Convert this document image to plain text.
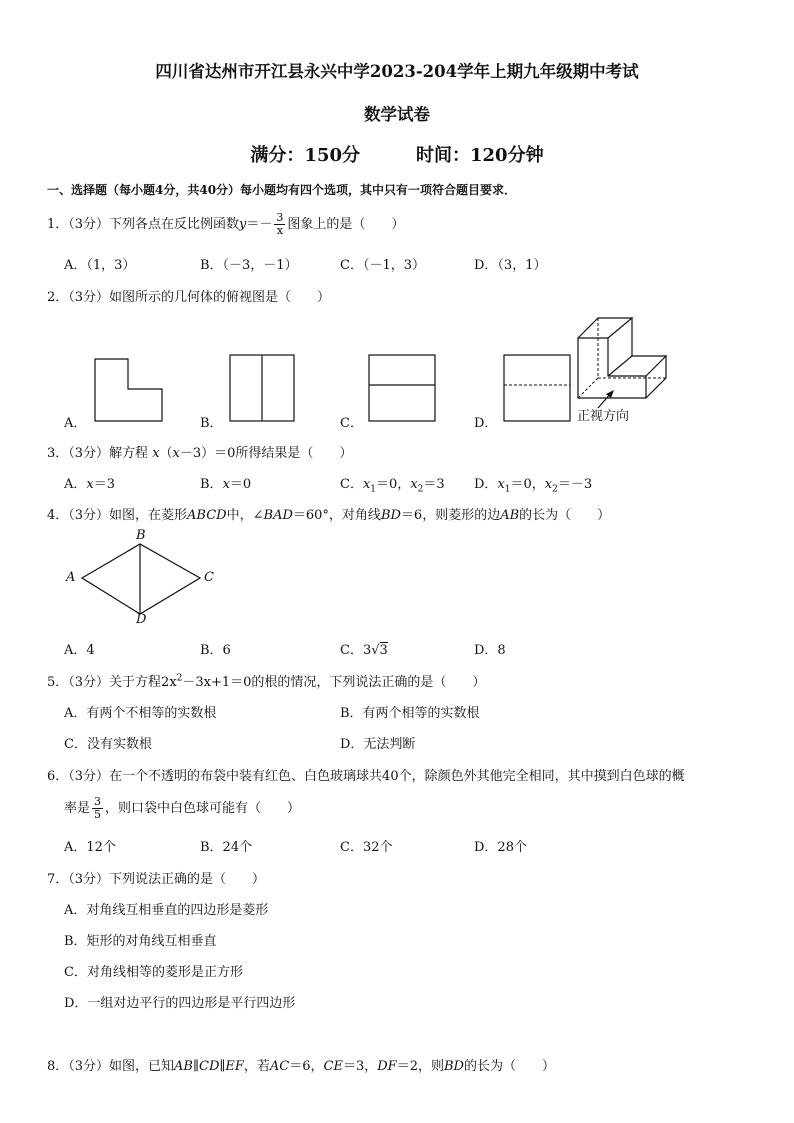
四川省达州市开江县永兴中学2023-204学年上期九年级期中考试
数学试卷
满分：150分	时间：120分钟
一、选择题（每小题4分，共40分）每小题均有四个选项，其中只有一项符合题目要求．
1．（3分）下列各点在反比例函数$y=- \frac{3}{x}$ 图象上的是（　　）
A．（1，3）	B．（－3，－1）	C．（－1，3）	D．（3，1）
2．（3分）如图所示的几何体的俯视图是（　　）
A．	B．	C．	D．	正视方向
3．（3分）解方程 x（x－3）＝0所得结果是（　　）
A．x＝3	B．x＝0	C．$x_1=0$，$x_2=3$ D．$x_1=0$，$x_2=-3$
4．（3分）如图，在菱形ABCD中，∠BAD＝60°，对角线BD＝6，则菱形的边AB的长为（　　）
A
B
C
D
A．4	B．6	C．3√3	D．8
5．（3分）关于方程$2x^2-3x+1=0$的根的情况，下列说法正确的是（　　）
A．有两个不相等的实数根	B．有两个相等的实数根
C．没有实数根	D．无法判断
6．（3分）在一个不透明的布袋中装有红色、白色玻璃球共40个，除颜色外其他完全相同，其中摸到白色球的概
率是 $\frac{3}{5}$ ，则口袋中白色球可能有（　　）
A．12个	B．24个	C．32个	D．28个
7．（3分）下列说法正确的是（　　）
A．对角线互相垂直的四边形是菱形
B．矩形的对角线互相垂直
C．对角线相等的菱形是正方形
D．一组对边平行的四边形是平行四边形
8．（3分）如图，已知AB∥CD∥EF，若AC＝6，CE＝3，DF＝2，则BD的长为（　　）
